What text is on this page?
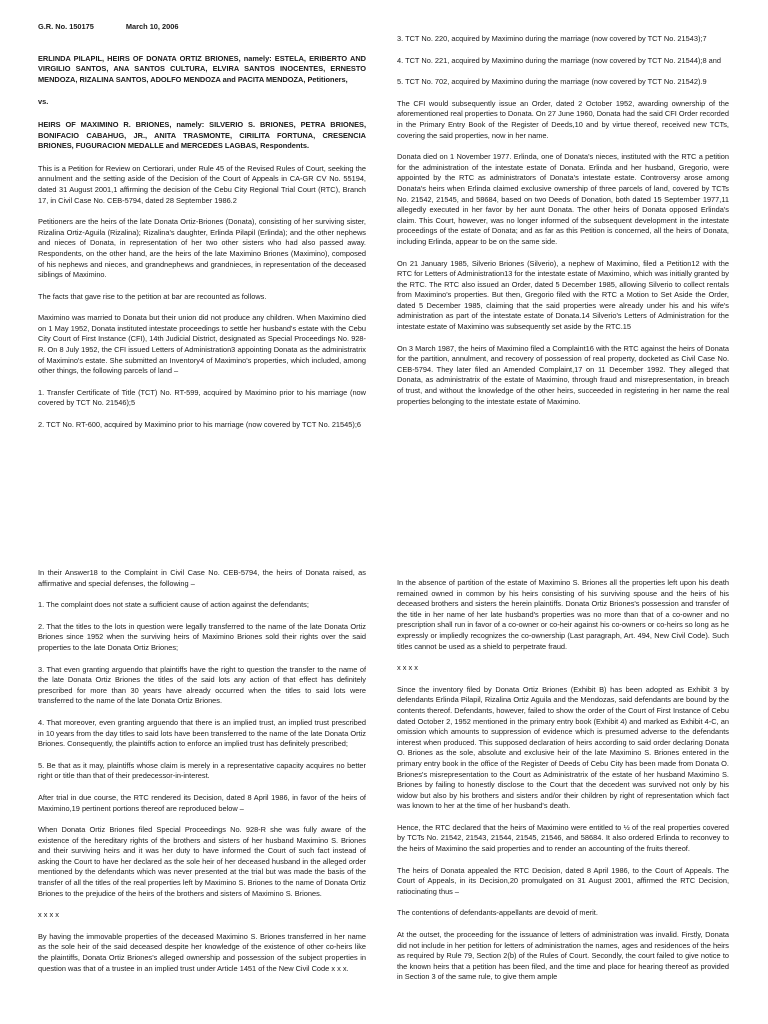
G.R. No. 150175	March 10, 2006

ERLINDA PILAPIL, HEIRS OF DONATA ORTIZ BRIONES, namely: ESTELA, ERIBERTO AND VIRGILIO SANTOS, ANA SANTOS CULTURA, ELVIRA SANTOS INOCENTES, ERNESTO MENDOZA, RIZALINA SANTOS, ADOLFO MENDOZA and PACITA MENDOZA, Petitioners,

vs.

HEIRS OF MAXIMINO R. BRIONES, namely: SILVERIO S. BRIONES, PETRA BRIONES, BONIFACIO CABAHUG, JR., ANITA TRASMONTE, CIRILITA FORTUNA, CRESENCIA BRIONES, FUGURACION MEDALLE and MERCEDES LAGBAS, Respondents.

This is a Petition for Review on Certiorari, under Rule 45 of the Revised Rules of Court, seeking the annulment and the setting aside of the Decision of the Court of Appeals in CA-GR CV No. 55194, dated 31 August 2001,1 affirming the decision of the Cebu City Regional Trial Court (RTC), Branch 17, in Civil Case No. CEB-5794, dated 28 September 1986.2

Petitioners are the heirs of the late Donata Ortiz-Briones (Donata), consisting of her surviving sister, Rizalina Ortiz-Aguila (Rizalina); Rizalina's daughter, Erlinda Pilapil (Erlinda); and the other nephews and nieces of Donata, in representation of her two other sisters who had also passed away. Respondents, on the other hand, are the heirs of the late Maximino Briones (Maximino), composed of his nephews and nieces, and grandnephews and grandnieces, in representation of the deceased siblings of Maximino.

The facts that gave rise to the petition at bar are recounted as follows.

Maximino was married to Donata but their union did not produce any children. When Maximino died on 1 May 1952, Donata instituted intestate proceedings to settle her husband's estate with the Cebu City Court of First Instance (CFI), 14th Judicial District, designated as Special Proceedings No. 928-R. On 8 July 1952, the CFI issued Letters of Administration3 appointing Donata as the administratrix of Maximino's estate. She submitted an Inventory4 of Maximino's properties, which included, among other things, the following parcels of land –

1. Transfer Certificate of Title (TCT) No. RT-599, acquired by Maximino prior to his marriage (now covered by TCT No. 21546);5

2. TCT No. RT-600, acquired by Maximino prior to his marriage (now covered by TCT No. 21545);6

3. TCT No. 220, acquired by Maximino during the marriage (now covered by TCT No. 21543);7

4. TCT No. 221, acquired by Maximino during the marriage (now covered by TCT No. 21544);8 and

5. TCT No. 702, acquired by Maximino during the marriage (now covered by TCT No. 21542).9

The CFI would subsequently issue an Order, dated 2 October 1952, awarding ownership of the aforementioned real properties to Donata. On 27 June 1960, Donata had the said CFI Order recorded in the Primary Entry Book of the Register of Deeds,10 and by virtue thereof, received new TCTs, covering the said properties, now in her name.

Donata died on 1 November 1977. Erlinda, one of Donata's nieces, instituted with the RTC a petition for the administration of the intestate estate of Donata. Erlinda and her husband, Gregorio, were appointed by the RTC as administrators of Donata's intestate estate. Controversy arose among Donata's heirs when Erlinda claimed exclusive ownership of three parcels of land, covered by TCTs No. 21542, 21545, and 58684, based on two Deeds of Donation, both dated 15 September 1977,11 allegedly executed in her favor by her aunt Donata. The other heirs of Donata opposed Erlinda's claim. This Court, however, was no longer informed of the subsequent development in the intestate proceedings of the estate of Donata; and as far as this Petition is concerned, all the heirs of Donata, including Erlinda, appear to be on the same side.

On 21 January 1985, Silverio Briones (Silverio), a nephew of Maximino, filed a Petition12 with the RTC for Letters of Administration13 for the intestate estate of Maximino, which was initially granted by the RTC. The RTC also issued an Order, dated 5 December 1985, allowing Silverio to collect rentals from Maximino's properties. But then, Gregorio filed with the RTC a Motion to Set Aside the Order, dated 5 December 1985, claiming that the said properties were already under his and his wife's administration as part of the intestate estate of Donata.14 Silverio's Letters of Administration for the intestate estate of Maximino was subsequently set aside by the RTC.15

On 3 March 1987, the heirs of Maximino filed a Complaint16 with the RTC against the heirs of Donata for the partition, annulment, and recovery of possession of real property, docketed as Civil Case No. CEB-5794. They later filed an Amended Complaint,17 on 11 December 1992. They alleged that Donata, as administratrix of the estate of Maximino, through fraud and misrepresentation, in breach of trust, and without the knowledge of the other heirs, succeeded in registering in her name the real properties belonging to the intestate estate of Maximino.

In their Answer18 to the Complaint in Civil Case No. CEB-5794, the heirs of Donata raised, as affirmative and special defenses, the following –

1. The complaint does not state a sufficient cause of action against the defendants;

2. That the titles to the lots in question were legally transferred to the name of the late Donata Ortiz Briones since 1952 when the surviving heirs of Maximino Briones sold their rights over the said properties to the late Donata Ortiz Briones;

3. That even granting arguendo that plaintiffs have the right to question the transfer to the name of the late Donata Ortiz Briones the titles of the said lots any action of that effect has definitely prescribed for more than 30 years have already occurred when the titles to said lots were transferred to the name of the late Donata Ortiz Briones.

4. That moreover, even granting arguendo that there is an implied trust, an implied trust prescribed in 10 years from the day titles to said lots have been transferred to the name of the late Donata Ortiz Briones. Consequently, the plaintiffs action to enforce an implied trust has definitely prescribed;

5. Be that as it may, plaintiffs whose claim is merely in a representative capacity acquires no better right or title than that of their predecessor-in-interest.

After trial in due course, the RTC rendered its Decision, dated 8 April 1986, in favor of the heirs of Maximino,19 pertinent portions thereof are reproduced below –

When Donata Ortiz Briones filed Special Proceedings No. 928-R she was fully aware of the existence of the hereditary rights of the brothers and sisters of her husband Maximino S. Briones and their surviving heirs and it was her duty to have informed the Court of such fact instead of asking the Court to have her declared as the sole heir of her deceased husband in the alleged order mentioned by the defendants which was never presented at the trial but was made the basis of the transfer of all the titles of the real properties left by Maximino S. Briones to the name of Donata Ortiz Briones to the prejudice of the heirs of the brothers and sisters of Maximino S. Briones.

x x x x

By having the immovable properties of the deceased Maximino S. Briones transferred in her name as the sole heir of the said deceased despite her knowledge of the existence of other co-heirs like the plaintiffs, Donata Ortiz Briones's alleged ownership and possession of the subject properties in question was that of a trustee in an implied trust under Article 1451 of the New Civil Code x x x.

In the absence of partition of the estate of Maximino S. Briones all the properties left upon his death remained owned in common by his heirs consisting of his surviving spouse and the heirs of his deceased brothers and sisters the herein plaintiffs. Donata Ortiz Briones's possession and transfer of the title in her name of her late husband's properties was no more than that of a co-owner and no prescription shall run in favor of a co-owner or co-heir against his co-owners or co-heirs so long as he expressly or impliedly recognizes the co-ownership (Last paragraph, Art. 494, New Civil Code). Such titles cannot be used as a shield to perpetrate fraud.

x x x x

Since the inventory filed by Donata Ortiz Briones (Exhibit B) has been adopted as Exhibit 3 by defendants Erlinda Pilapil, Rizalina Ortiz Aguila and the Mendozas, said defendants are bound by the contents thereof. Defendants, however, failed to show the order of the Court of First Instance of Cebu dated October 2, 1952 mentioned in the primary entry book (Exhibit 4) and marked as Exhibit 4-C, an omission which amounts to suppression of evidence which is presumed adverse to the defendants interest when produced. This supposed declaration of heirs according to said order declaring Donata O. Briones as the sole, absolute and exclusive heir of the late Maximino S. Briones entered in the primary entry book in the office of the Register of Deeds of Cebu City has been made from Donata O. Briones's misrepresentation to the Court as Administratrix of the estate of her husband Maximino S. Briones by failing to honestly disclose to the Court that the decedent was survived not only by his widow but also by his brothers and sisters and/or their children by right of representation which fact was known to her at the time of her husband's death.

Hence, the RTC declared that the heirs of Maximino were entitled to ½ of the real properties covered by TCTs No. 21542, 21543, 21544, 21545, 21546, and 58684. It also ordered Erlinda to reconvey to the heirs of Maximino the said properties and to render an accounting of the fruits thereof.

The heirs of Donata appealed the RTC Decision, dated 8 April 1986, to the Court of Appeals. The Court of Appeals, in its Decision,20 promulgated on 31 August 2001, affirmed the RTC Decision, ratiocinating thus –

The contentions of defendants-appellants are devoid of merit.

At the outset, the proceeding for the issuance of letters of administration was invalid. Firstly, Donata did not include in her petition for letters of administration the names, ages and residences of the heirs as required by Rule 79, Section 2(b) of the Rules of Court. Secondly, the court failed to give notice to the known heirs that a petition has been filed, and the time and place for hearing thereof as provided in Section 3 of the same rule, to give them ample
